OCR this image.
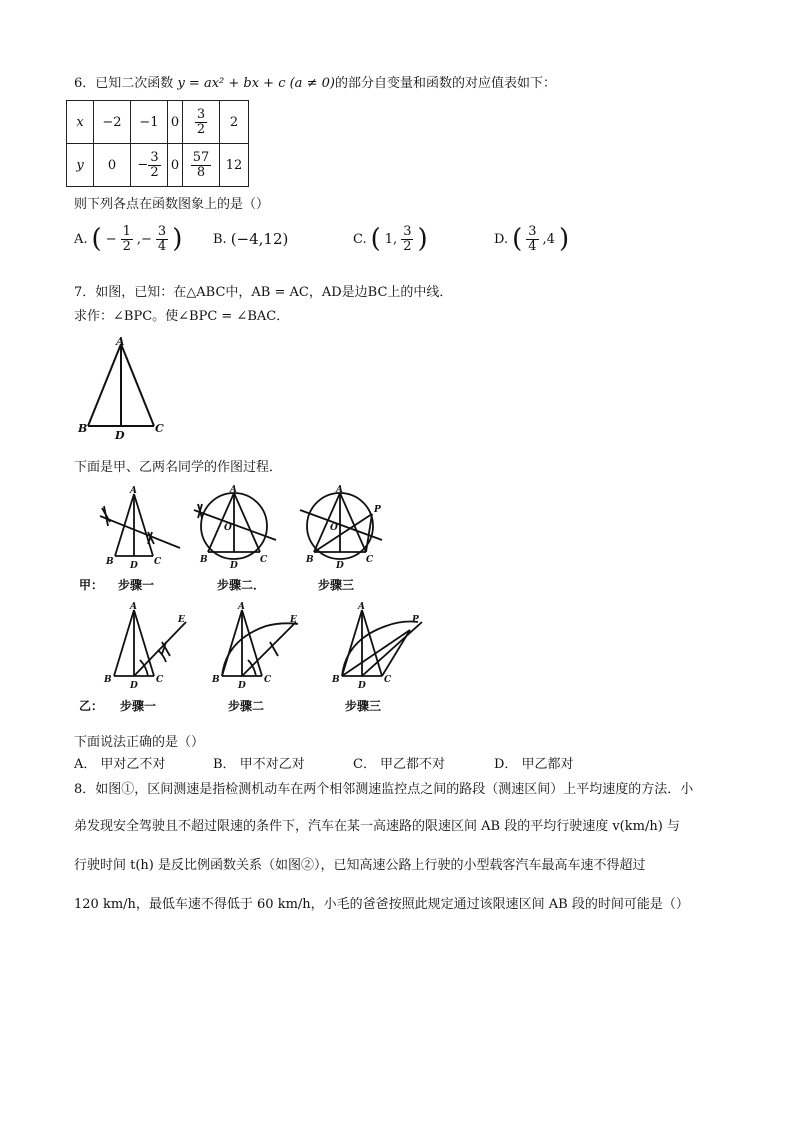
6．已知二次函数 y = ax² + bx + c (a ≠ 0)的部分自变量和函数的对应值表如下：
x	−2	−1	0	$\frac{3}{2}$	2
y	0	− $\frac{3}{2}$	0	$\frac{57}{8}$	12
则下列各点在函数图象上的是（）
A. ( − $\frac{1}{2}$ ,− $\frac{3}{4}$ ) B. (−4,12)	C. ( 1, $\frac{3}{2}$ )	D. ( $\frac{3}{4} ,4$ )
7．如图，已知：在△ABC中，AB = AC，AD是边BC上的中线．
求作：∠BPC。使∠BPC = ∠BAC．
A
B
D
C
下面是甲、乙两名同学的作图过程．
A
B D C
A
O
B
D
C
A
O
P
B
D
C
甲： 步骤一	步骤二．	步骤三
A
E
B
D
C
A
E
B
D
C
A
P
B
D
C
乙： 步骤一	步骤二	步骤三
下面说法正确的是（）
A． 甲对乙不对	B． 甲不对乙对	C． 甲乙都不对	D． 甲乙都对
8．如图①，区间测速是指检测机动车在两个相邻测速监控点之间的路段（测速区间）上平均速度的方法．小
弟发现安全驾驶且不超过限速的条件下，汽车在某一高速路的限速区间 AB 段的平均行驶速度 v(km/h) 与
行驶时间 t(h) 是反比例函数关系（如图②），已知高速公路上行驶的小型载客汽车最高车速不得超过
120 km/h，最低车速不得低于 60 km/h，小毛的爸爸按照此规定通过该限速区间 AB 段的时间可能是（）
